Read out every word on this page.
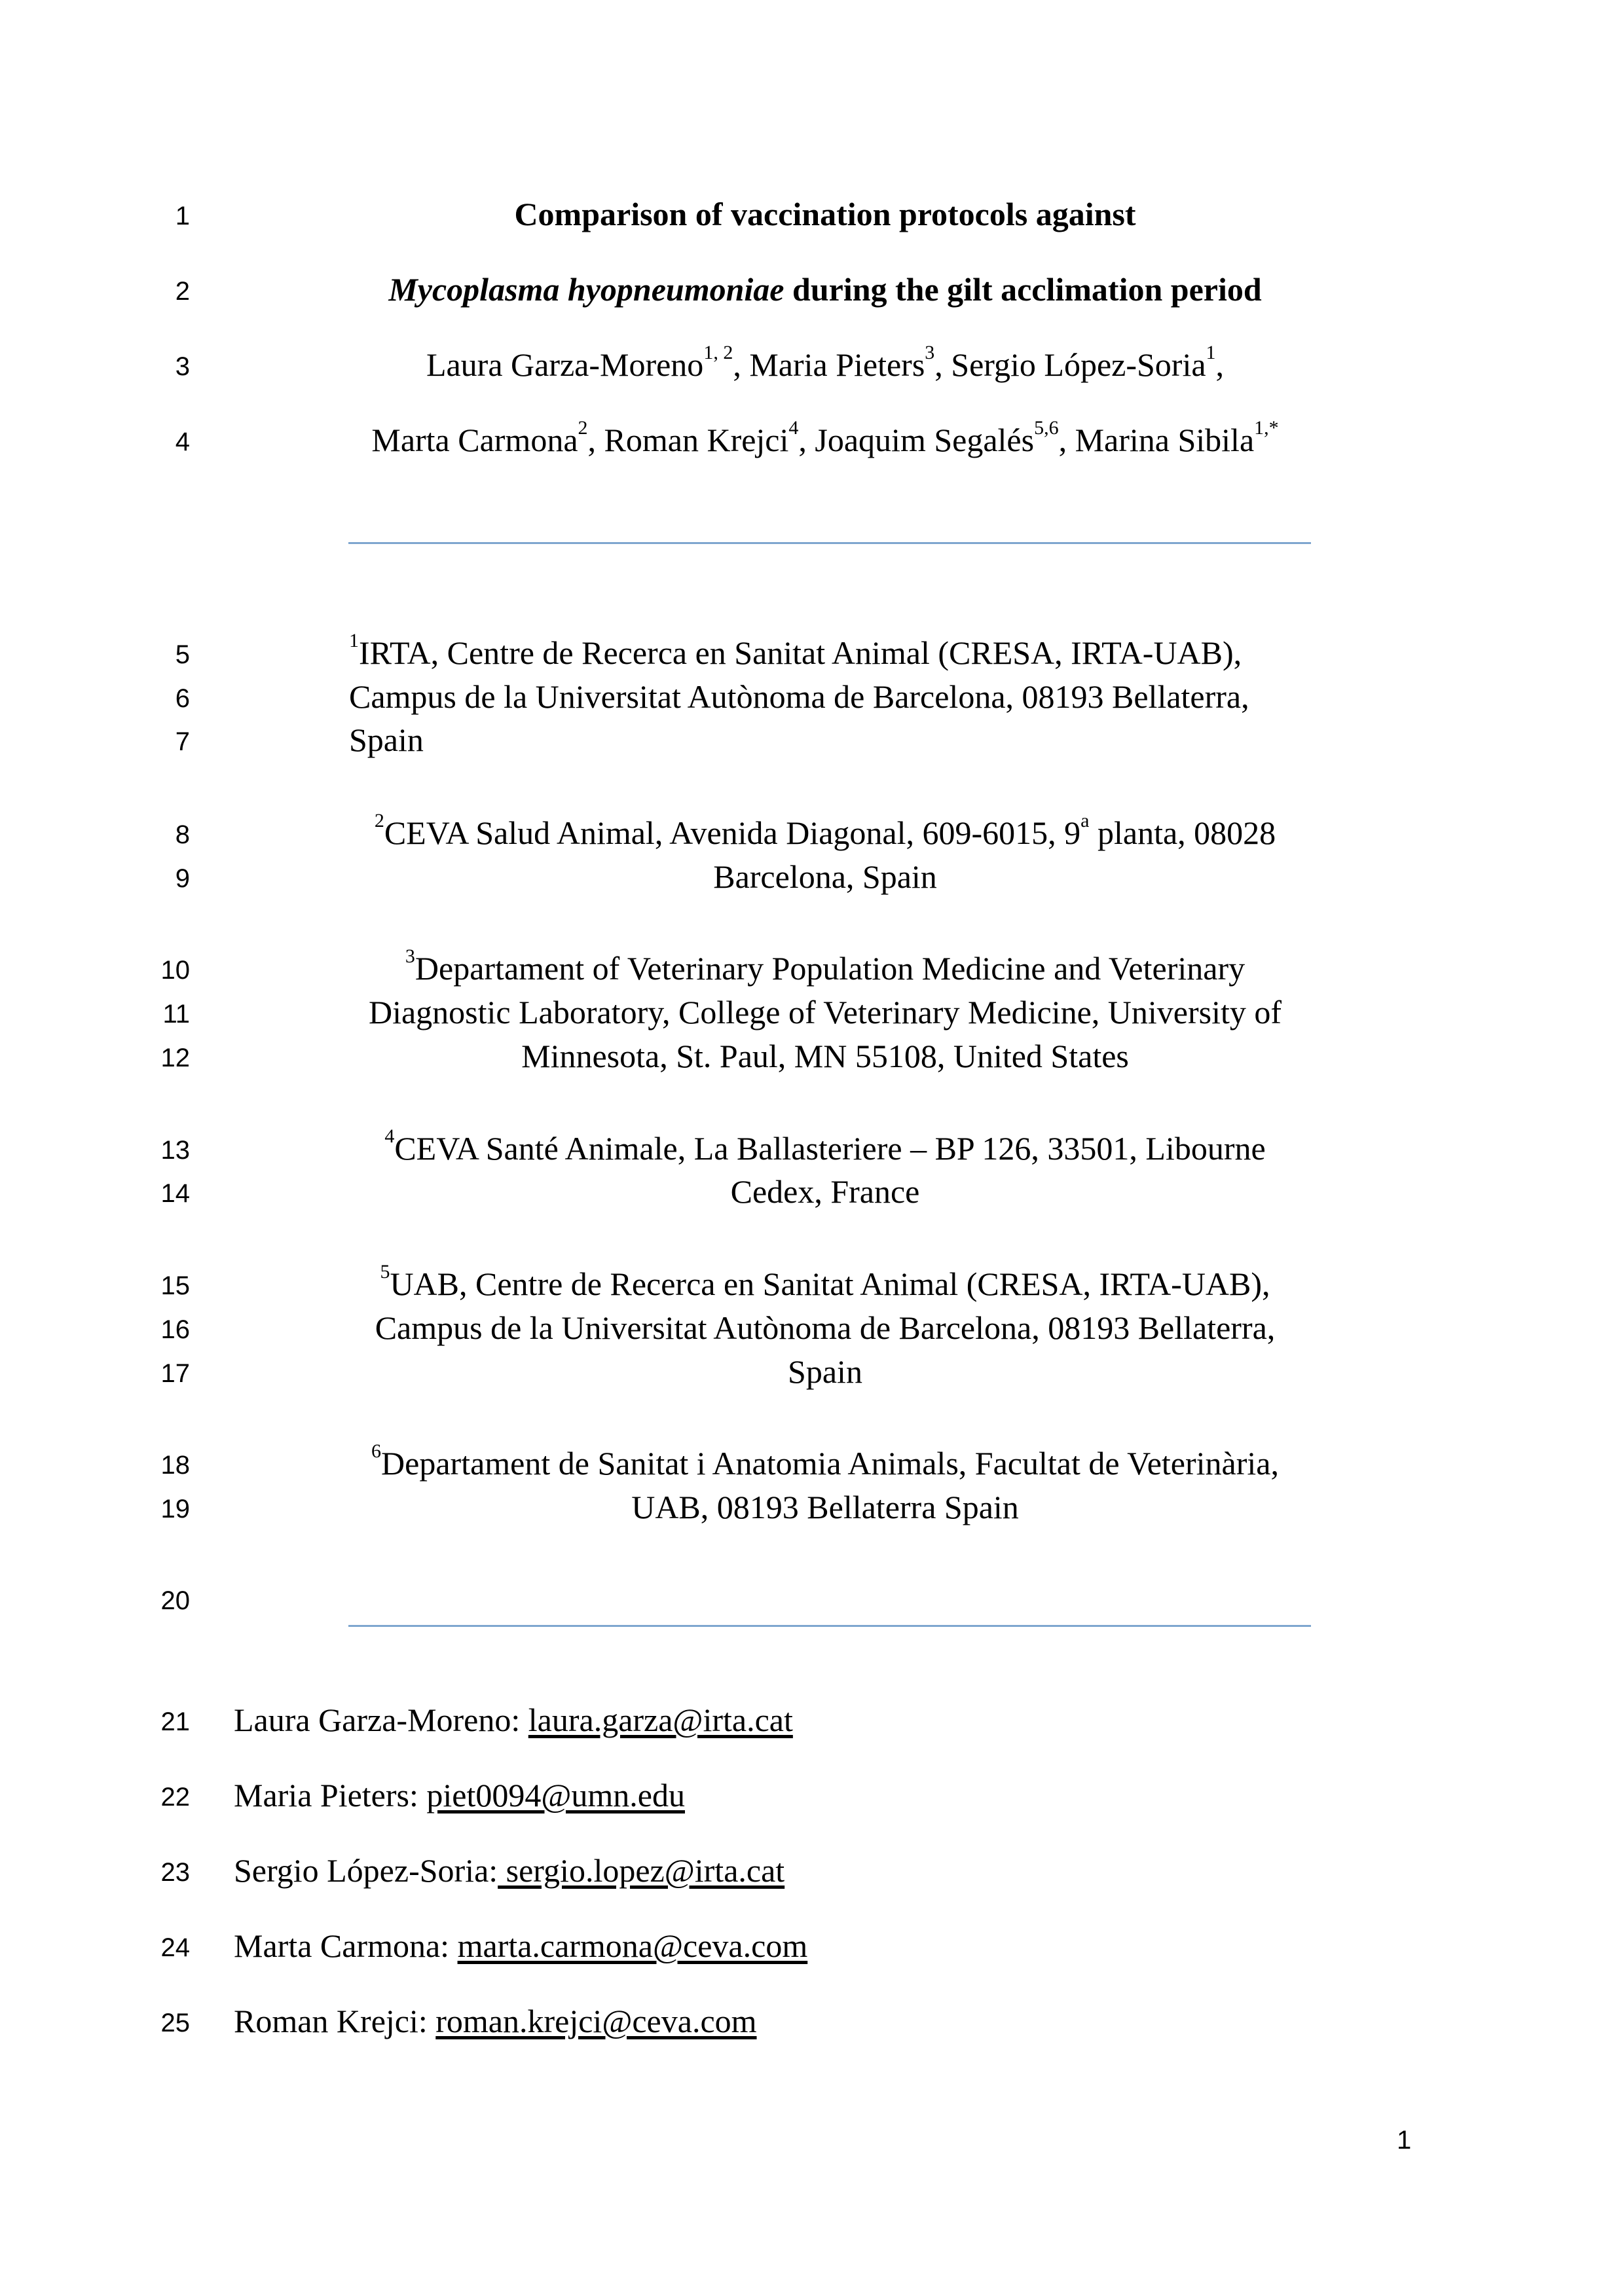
1
2
3
4
5
6
7
8
9
10
11
12
13
14
15
16
17
18
19
20
21
22
23
24
25
Comparison of vaccination protocols against
Mycoplasma hyopneumoniae during the gilt acclimation period
Laura Garza-Moreno$^{1, 2}$, Maria Pieters$^3$, Sergio López-Soria$^1$,
Marta Carmona$^2$, Roman Krejci$^4$, Joaquim Segalés$^{5,6}$, Marina Sibila$^{1,*}$
$^1$IRTA, Centre de Recerca en Sanitat Animal (CRESA, IRTA-UAB),
Campus de la Universitat Autònoma de Barcelona, 08193 Bellaterra,
Spain
$^2$CEVA Salud Animal, Avenida Diagonal, 609-6015, 9$^a$ planta, 08028
Barcelona, Spain
$^3$Departament of Veterinary Population Medicine and Veterinary
Diagnostic Laboratory, College of Veterinary Medicine, University of
Minnesota, St. Paul, MN 55108, United States
$^4$CEVA Santé Animale, La Ballasteriere – BP 126, 33501, Libourne
Cedex, France
$^5$UAB, Centre de Recerca en Sanitat Animal (CRESA, IRTA-UAB),
Campus de la Universitat Autònoma de Barcelona, 08193 Bellaterra,
Spain
$^6$Departament de Sanitat i Anatomia Animals, Facultat de Veterinària,
UAB, 08193 Bellaterra Spain
Laura Garza-Moreno: laura.garza@irta.cat
Maria Pieters: piet0094@umn.edu
Sergio López-Soria: sergio.lopez@irta.cat
Marta Carmona: marta.carmona@ceva.com
Roman Krejci: roman.krejci@ceva.com
1
